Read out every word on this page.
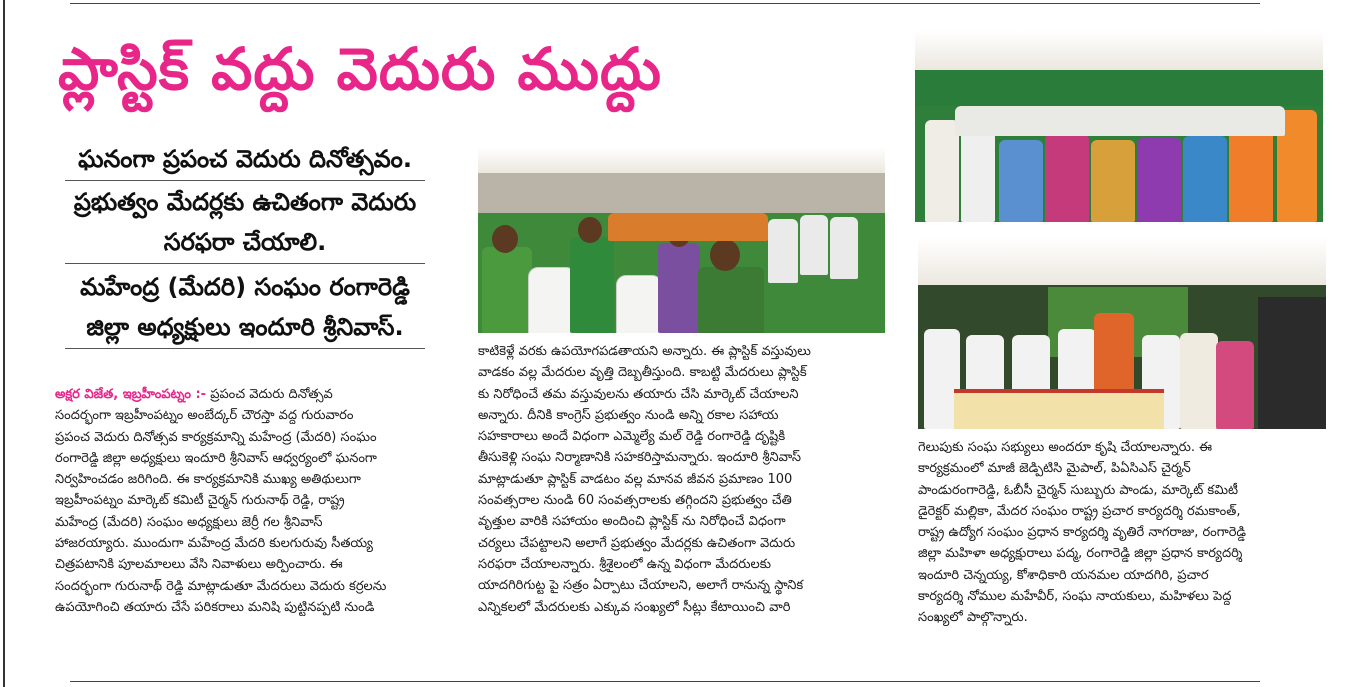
ప్లాస్టిక్ వద్దు వెదురు ముద్దు
ఘనంగా ప్రపంచ వెదురు దినోత్సవం.
ప్రభుత్వం మేదర్లకు ఉచితంగా వెదురు
సరఫరా చేయాలి.
మహేంద్ర (మేదరి) సంఘం రంగారెడ్డి
జిల్లా అధ్యక్షులు ఇందూరి శ్రీనివాస్.

అక్షర విజేత, ఇబ్రహీంపట్నం :- ప్రపంచ వెదురు దినోత్సవ

సందర్భంగా ఇబ్రహీంపట్నం అంబేద్కర్ చౌరస్తా వద్ద గురువారం

ప్రపంచ వెదురు దినోత్సవ కార్యక్రమాన్ని మహేంద్ర (మేదరి) సంఘం

రంగారెడ్డి జిల్లా అధ్యక్షులు ఇందూరి శ్రీనివాస్ ఆధ్వర్యంలో ఘనంగా

నిర్వహించడం జరిగింది. ఈ కార్యక్రమానికి ముఖ్య అతిథులుగా

ఇబ్రహీంపట్నం మార్కెట్ కమిటీ చైర్మన్ గురునాథ్ రెడ్డి, రాష్ట్ర

మహేంద్ర (మేదరి) సంఘం అధ్యక్షులు జెర్రీ గల శ్రీనివాస్

హాజరయ్యారు. ముందుగా మహేంద్ర మేదరి కులగురువు సీతయ్య

చిత్రపటానికి పూలమాలలు వేసి నివాళులు అర్పించారు. ఈ

సందర్భంగా గురునాథ్ రెడ్డి మాట్లాడుతూ మేదరులు వెదురు కర్రలను

ఉపయోగించి తయారు చేసే పరికరాలు మనిషి పుట్టినప్పటి నుండి

కాటికెళ్లే వరకు ఉపయోగపడతాయని అన్నారు. ఈ ప్లాస్టిక్ వస్తువులు

వాడకం వల్ల మేదరుల వృత్తి దెబ్బతీస్తుంది. కాబట్టి మేదరులు ప్లాస్టిక్

కు నిరోధించే తమ వస్తువులను తయారు చేసి మార్కెట్ చేయాలని

అన్నారు. దీనికి కాంగ్రెస్ ప్రభుత్వం నుండి అన్ని రకాల సహాయ

సహకారాలు అందే విధంగా ఎమ్మెల్యే మల్ రెడ్డి రంగారెడ్డి దృష్టికి

తీసుకెళ్లి సంఘ నిర్మాణానికి సహకరిస్తామన్నారు. ఇందూరి శ్రీనివాస్

మాట్లాడుతూ ప్లాస్టిక్ వాడటం వల్ల మానవ జీవన ప్రమాణం 100

సంవత్సరాల నుండి 60 సంవత్సరాలకు తగ్గిందని ప్రభుత్వం చేతి

వృత్తుల వారికి సహాయం అందించి ప్లాస్టిక్ ను నిరోధించే విధంగా

చర్యలు చేపట్టాలని అలాగే ప్రభుత్వం మేదర్లకు ఉచితంగా వెదురు

సరఫరా చేయాలన్నారు. శ్రీశైలంలో ఉన్న విధంగా మేదరులకు

యాదగిరిగుట్ట పై సత్రం ఏర్పాటు చేయాలని, అలాగే రానున్న స్థానిక

ఎన్నికలలో మేదరులకు ఎక్కువ సంఖ్యలో సీట్లు కేటాయించి వారి

గెలుపుకు సంఘ సభ్యులు అందరూ కృషి చేయాలన్నారు. ఈ

కార్యక్రమంలో మాజీ జెడ్పిటిసి మైపాల్, పిఏసిఎస్ చైర్మన్

పాండురంగారెడ్డి, ఓబీసీ చైర్మన్ సుబ్బురు పాండు, మార్కెట్ కమిటీ

డైరెక్టర్ మల్లికా, మేదర సంఘం రాష్ట్ర ప్రచార కార్యదర్శి రమకాంత్,

రాష్ట్ర ఉద్యోగ సంఘం ప్రధాన కార్యదర్శి వృతిరే నాగరాజు, రంగారెడ్డి

జిల్లా మహిళా అధ్యక్షురాలు పద్మ, రంగారెడ్డి జిల్లా ప్రధాన కార్యదర్శి

ఇందూరి చెన్నయ్య, కోశాధికారి యనమల యాదగిరి, ప్రచార

కార్యదర్శి నోముల మహేవీర్, సంఘ నాయకులు, మహిళలు పెద్ద

సంఖ్యలో పాల్గొన్నారు.
